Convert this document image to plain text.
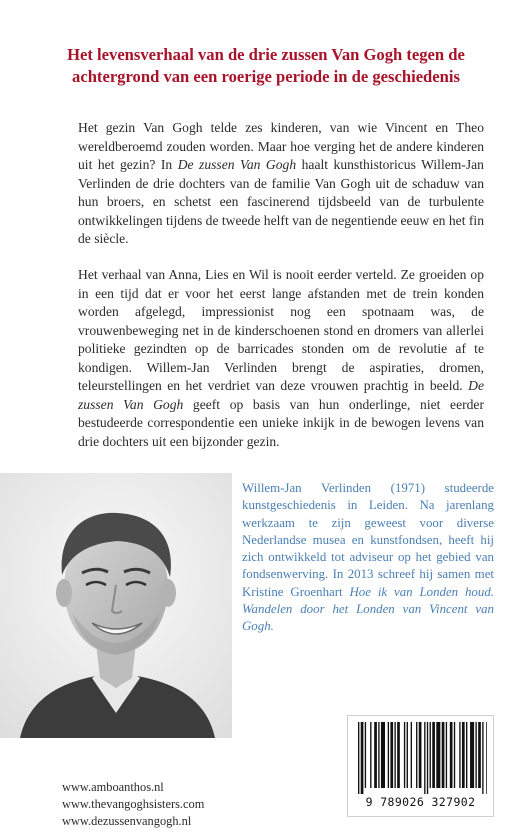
Het levensverhaal van de drie zussen Van Gogh tegen de
achtergrond van een roerige periode in de geschiedenis

Het gezin Van Gogh telde zes kinderen, van wie Vincent en Theo wereldberoemd zouden worden. Maar hoe verging het de andere kinderen uit het gezin? In De zussen Van Gogh haalt kunsthistoricus Willem-Jan Verlinden de drie dochters van de familie Van Gogh uit de schaduw van hun broers, en schetst een fascinerend tijdsbeeld van de turbulente ontwikkelingen tijdens de tweede helft van de negentiende eeuw en het fin de siècle.

Het verhaal van Anna, Lies en Wil is nooit eerder verteld. Ze groeiden op in een tijd dat er voor het eerst lange afstanden met de trein konden worden afgelegd, impressionist nog een spotnaam was, de vrouwenbeweging net in de kinderschoenen stond en dromers van allerlei politieke gezindten op de barricades stonden om de revolutie af te kondigen. Willem-Jan Verlinden brengt de aspiraties, dromen, teleurstellingen en het verdriet van deze vrouwen prachtig in beeld. De zussen Van Gogh geeft op basis van hun onderlinge, niet eerder bestudeerde correspondentie een unieke inkijk in de bewogen levens van drie dochters uit een bijzonder gezin.

Willem-Jan Verlinden (1971) studeerde kunstgeschiedenis in Leiden. Na jarenlang werkzaam te zijn geweest voor diverse Nederlandse musea en kunstfondsen, heeft hij zich ontwikkeld tot adviseur op het gebied van fondsenwerving. In 2013 schreef hij samen met Kristine Groenhart Hoe ik van Londen houd. Wandelen door het Londen van Vincent van Gogh.

9 789026 327902
www.amboanthos.nl
www.thevangoghsisters.com
www.dezussenvangogh.nl
